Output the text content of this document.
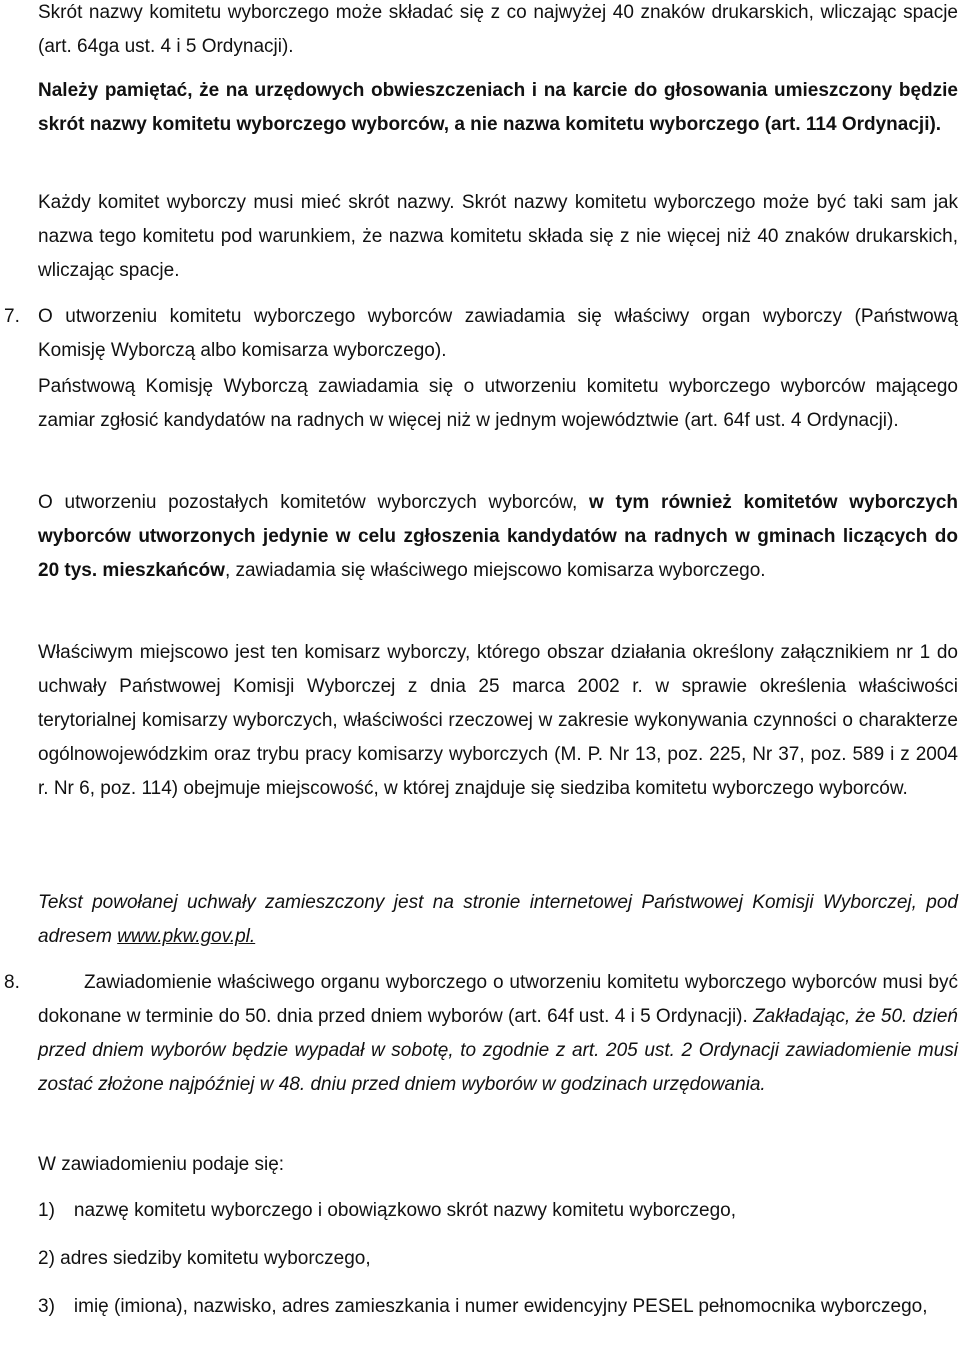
Skrót nazwy komitetu wyborczego może składać się z co najwyżej 40 znaków drukarskich, wliczając spacje (art. 64ga ust. 4 i 5 Ordynacji).

Należy pamiętać, że na urzędowych obwieszczeniach i na karcie do głosowania umieszczony będzie skrót nazwy komitetu wyborczego wyborców, a nie nazwa komitetu wyborczego (art. 114 Ordynacji).

Każdy komitet wyborczy musi mieć skrót nazwy. Skrót nazwy komitetu wyborczego może być taki sam jak nazwa tego komitetu pod warunkiem, że nazwa komitetu składa się z nie więcej niż 40 znaków drukarskich, wliczając spacje.

7. O utworzeniu komitetu wyborczego wyborców zawiadamia się właściwy organ wyborczy (Państwową Komisję Wyborczą albo komisarza wyborczego).

Państwową Komisję Wyborczą zawiadamia się o utworzeniu komitetu wyborczego wyborców mającego zamiar zgłosić kandydatów na radnych w więcej niż w jednym województwie (art. 64f ust. 4 Ordynacji).

O utworzeniu pozostałych komitetów wyborczych wyborców, w tym również komitetów wyborczych wyborców utworzonych jedynie w celu zgłoszenia kandydatów na radnych w gminach liczących do 20 tys. mieszkańców, zawiadamia się właściwego miejscowo komisarza wyborczego.

Właściwym miejscowo jest ten komisarz wyborczy, którego obszar działania określony załącznikiem nr 1 do uchwały Państwowej Komisji Wyborczej z dnia 25 marca 2002 r. w sprawie określenia właściwości terytorialnej komisarzy wyborczych, właściwości rzeczowej w zakresie wykonywania czynności o charakterze ogólnowojewódzkim oraz trybu pracy komisarzy wyborczych (M. P. Nr 13, poz. 225, Nr 37, poz. 589 i z 2004 r. Nr 6, poz. 114) obejmuje miejscowość, w której znajduje się siedziba komitetu wyborczego wyborców.

Tekst powołanej uchwały zamieszczony jest na stronie internetowej Państwowej Komisji Wyborczej, pod adresem www.pkw.gov.pl.

8.	Zawiadomienie właściwego organu wyborczego o utworzeniu komitetu wyborczego wyborców musi być dokonane w terminie do 50. dnia przed dniem wyborów (art. 64f ust. 4 i 5 Ordynacji). Zakładając, że 50. dzień przed dniem wyborów będzie wypadał w sobotę, to zgodnie z art. 205 ust. 2 Ordynacji zawiadomienie musi zostać złożone najpóźniej w 48. dniu przed dniem wyborów w godzinach urzędowania.

W zawiadomieniu podaje się:

1) nazwę komitetu wyborczego i obowiązkowo skrót nazwy komitetu wyborczego,

2) adres siedziby komitetu wyborczego,

3) imię (imiona), nazwisko, adres zamieszkania i numer ewidencyjny PESEL pełnomocnika wyborczego,
